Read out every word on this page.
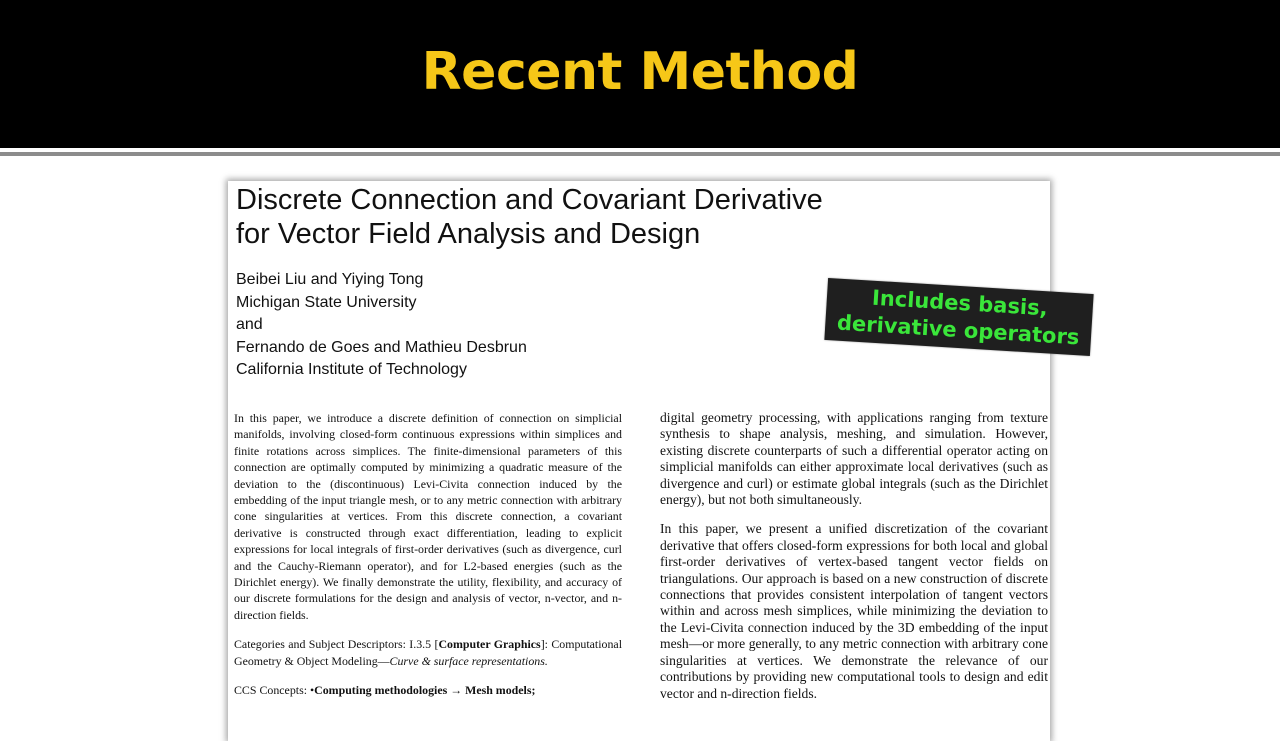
Recent Method
Discrete Connection and Covariant Derivative
for Vector Field Analysis and Design
Beibei Liu and Yiying Tong
Michigan State University
and
Fernando de Goes and Mathieu Desbrun
California Institute of Technology

In this paper, we introduce a discrete definition of connection on simplicial manifolds, involving closed-form continuous expressions within simplices and finite rotations across simplices. The finite-dimensional parameters of this connection are optimally computed by minimizing a quadratic measure of the deviation to the (discontinuous) Levi-Civita connection induced by the embedding of the input triangle mesh, or to any metric connection with arbitrary cone singularities at vertices. From this discrete connection, a covariant derivative is constructed through exact differentiation, leading to explicit expressions for local integrals of first-order derivatives (such as divergence, curl and the Cauchy-Riemann operator), and for L2-based energies (such as the Dirichlet energy). We finally demonstrate the utility, flexibility, and accuracy of our discrete formulations for the design and analysis of vector, n-vector, and n-direction fields.

Categories and Subject Descriptors: I.3.5 [Computer Graphics]: Computational Geometry & Object Modeling—Curve & surface representations.

CCS Concepts: •Computing methodologies → Mesh models;

digital geometry processing, with applications ranging from texture synthesis to shape analysis, meshing, and simulation. However, existing discrete counterparts of such a differential operator acting on simplicial manifolds can either approximate local derivatives (such as divergence and curl) or estimate global integrals (such as the Dirichlet energy), but not both simultaneously.

In this paper, we present a unified discretization of the covariant derivative that offers closed-form expressions for both local and global first-order derivatives of vertex-based tangent vector fields on triangulations. Our approach is based on a new construction of discrete connections that provides consistent interpolation of tangent vectors within and across mesh simplices, while minimizing the deviation to the Levi-Civita connection induced by the 3D embedding of the input mesh—or more generally, to any metric connection with arbitrary cone singularities at vertices. We demonstrate the relevance of our contributions by providing new computational tools to design and edit vector and n-direction fields.

Includes basis,
derivative operators
